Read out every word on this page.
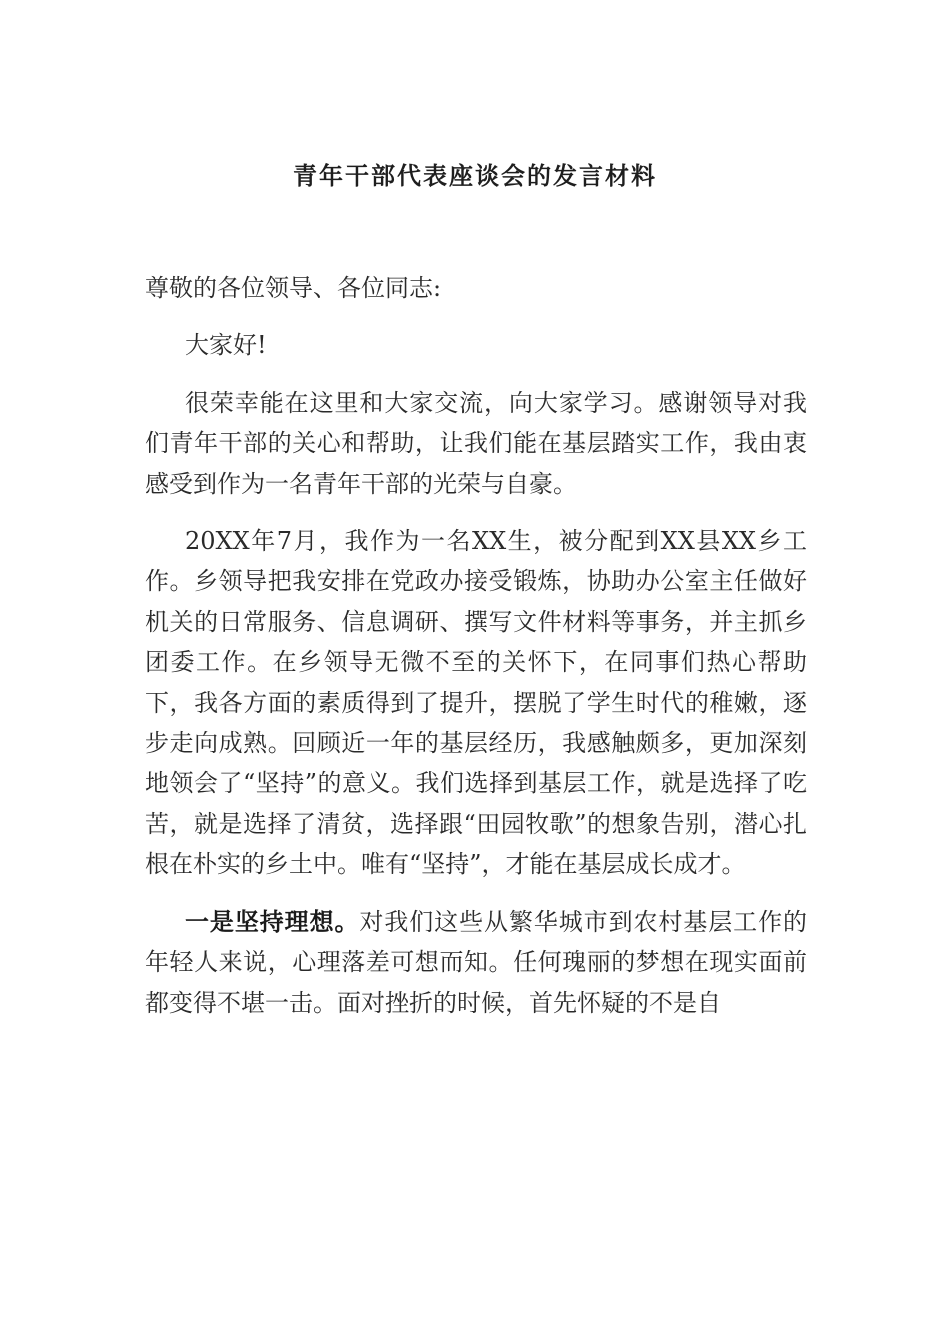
青年干部代表座谈会的发言材料

尊敬的各位领导、各位同志:

大家好!

很荣幸能在这里和大家交流，向大家学习。感谢领导对我们青年干部的关心和帮助，让我们能在基层踏实工作，我由衷感受到作为一名青年干部的光荣与自豪。

20XX年7月，我作为一名XX生，被分配到XX县XX乡工作。乡领导把我安排在党政办接受锻炼，协助办公室主任做好机关的日常服务、信息调研、撰写文件材料等事务，并主抓乡团委工作。在乡领导无微不至的关怀下，在同事们热心帮助下，我各方面的素质得到了提升，摆脱了学生时代的稚嫩，逐步走向成熟。回顾近一年的基层经历，我感触颇多，更加深刻地领会了“坚持”的意义。我们选择到基层工作，就是选择了吃苦，就是选择了清贫，选择跟“田园牧歌”的想象告别，潜心扎根在朴实的乡土中。唯有“坚持”，才能在基层成长成才。

一是坚持理想。对我们这些从繁华城市到农村基层工作的年轻人来说，心理落差可想而知。任何瑰丽的梦想在现实面前都变得不堪一击。面对挫折的时候，首先怀疑的不是自
